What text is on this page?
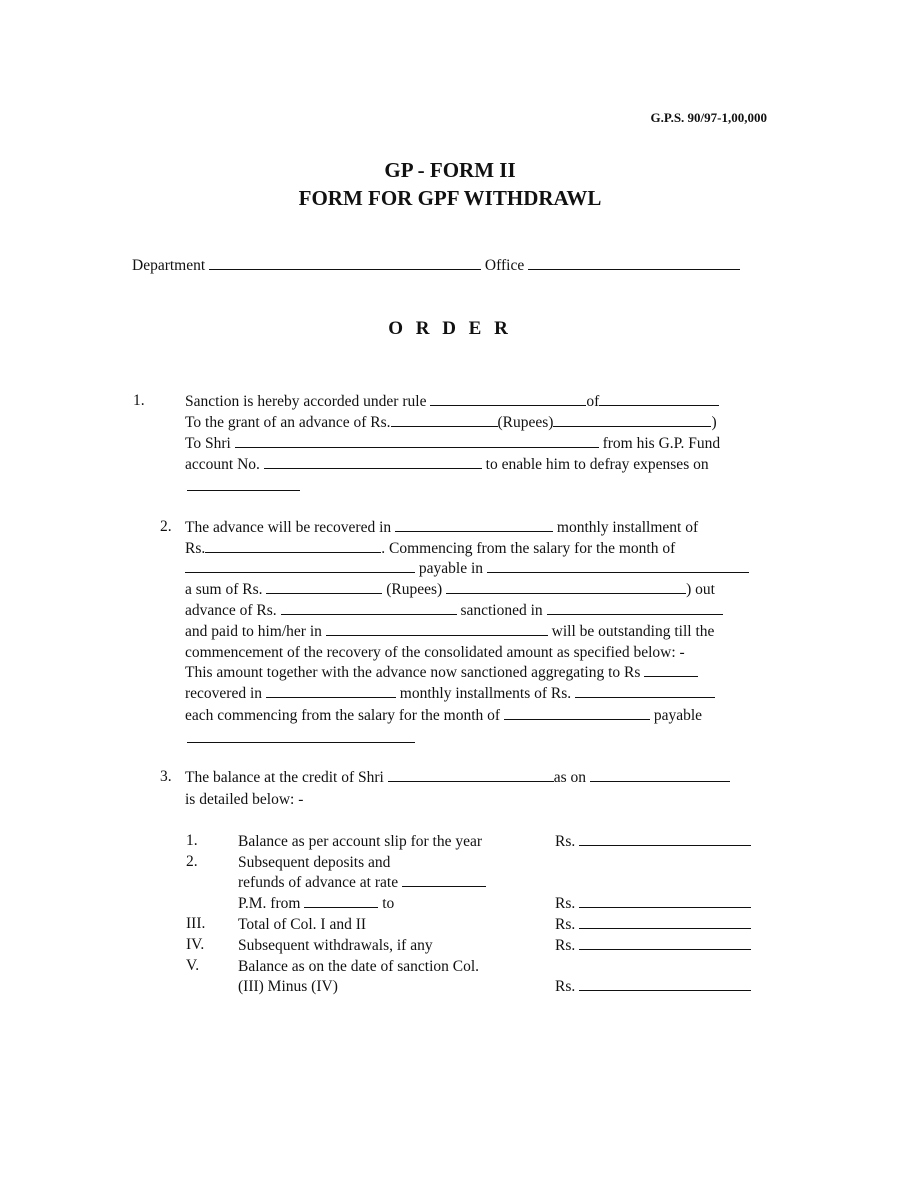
G.P.S. 90/97-1,00,000
GP - FORM II
FORM FOR GPF WITHDRAWL
Department	Office
O R D E R
1.	Sanction is hereby accorded under rule	of
To the grant of an advance of Rs.	(Rupees)	)
To Shri	from his G.P. Fund
account No.	to enable him to defray expenses on
2. The advance will be recovered in	monthly installment of
Rs.	. Commencing from the salary for the month of
payable in
a sum of Rs.	(Rupees)	) out
advance of Rs.	sanctioned in
and paid to him/her in	will be outstanding till the
commencement of the recovery of the consolidated amount as specified below: -
This amount together with the advance now sanctioned aggregating to Rs
recovered in	monthly installments of Rs.
each commencing from the salary for the month of	payable
3. The balance at the credit of Shri	as on
is detailed below: -
1.	Balance as per account slip for the year	Rs.
2.	Subsequent deposits and
refunds of advance at rate
P.M. from	to	Rs.
III. Total of Col. I and II	Rs.
IV. Subsequent withdrawals, if any	Rs.
V.	Balance as on the date of sanction Col.
(III) Minus (IV)	Rs.
